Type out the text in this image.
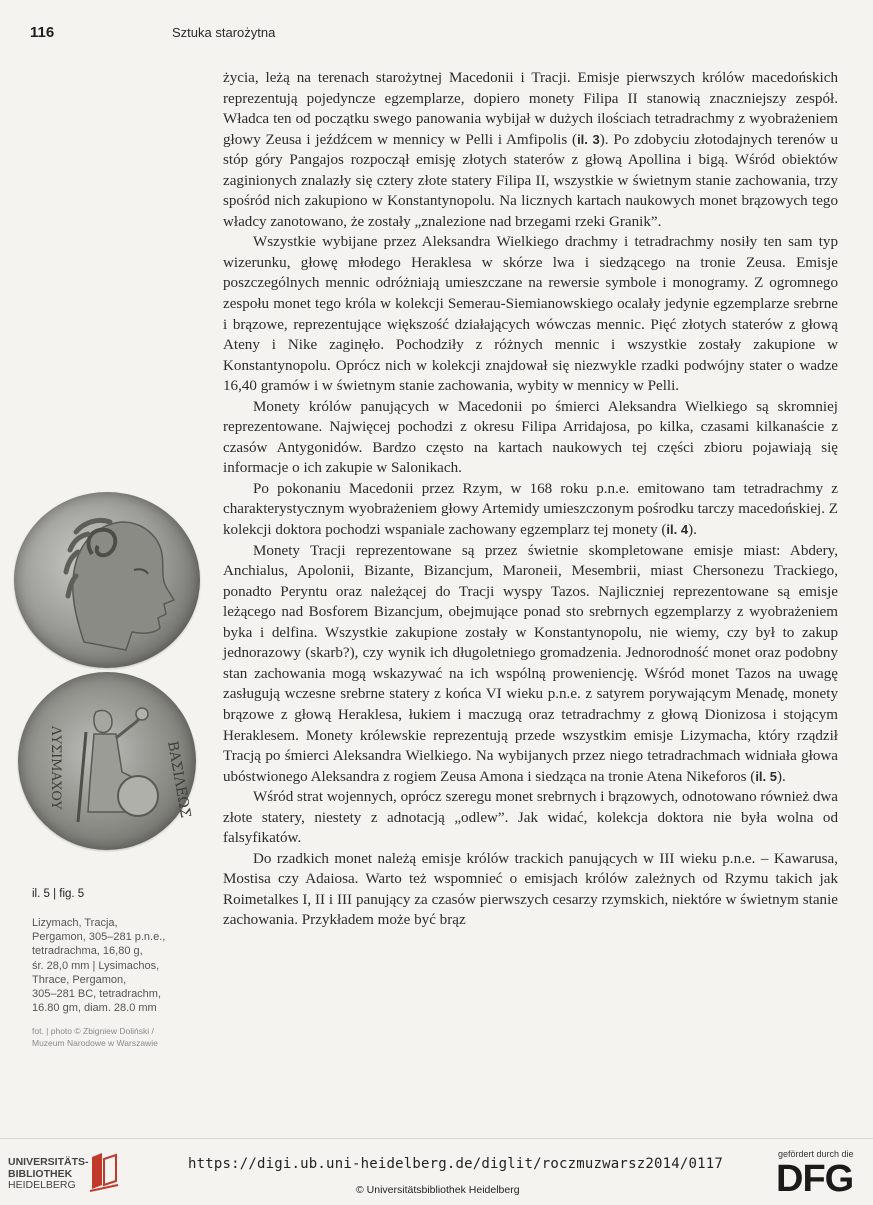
116	Sztuka starożytna

życia, leżą na terenach starożytnej Macedonii i Tracji. Emisje pierwszych królów macedońskich reprezentują pojedyncze egzemplarze, dopiero monety Filipa II stanowią znaczniejszy zespół. Władca ten od początku swego panowania wybijał w dużych ilościach tetradrachmy z wyobrażeniem głowy Zeusa i jeźdźcem w mennicy w Pelli i Amfipolis (il. 3). Po zdobyciu złotodajnych terenów u stóp góry Pangajos rozpoczął emisję złotych staterów z głową Apollina i bigą. Wśród obiektów zaginionych znalazły się cztery złote statery Filipa II, wszystkie w świetnym stanie zachowania, trzy spośród nich zakupiono w Konstantynopolu. Na licznych kartach naukowych monet brązowych tego władcy zanotowano, że zostały „znalezione nad brzegami rzeki Granik”.

Wszystkie wybijane przez Aleksandra Wielkiego drachmy i tetradrachmy nosiły ten sam typ wizerunku, głowę młodego Heraklesa w skórze lwa i siedzącego na tronie Zeusa. Emisje poszczególnych mennic odróżniają umieszczane na rewersie symbole i monogramy. Z ogromnego zespołu monet tego króla w kolekcji Semerau-Siemianowskiego ocalały jedynie egzemplarze srebrne i brązowe, reprezentujące większość działających wówczas mennic. Pięć złotych staterów z głową Ateny i Nike zaginęło. Pochodziły z różnych mennic i wszystkie zostały zakupione w Konstantynopolu. Oprócz nich w kolekcji znajdował się niezwykle rzadki podwójny stater o wadze 16,40 gramów i w świetnym stanie zachowania, wybity w mennicy w Pelli.

Monety królów panujących w Macedonii po śmierci Aleksandra Wielkiego są skromniej reprezentowane. Najwięcej pochodzi z okresu Filipa Arridajosa, po kilka, czasami kilkanaście z czasów Antygonidów. Bardzo często na kartach naukowych tej części zbioru pojawiają się informacje o ich zakupie w Salonikach.

Po pokonaniu Macedonii przez Rzym, w 168 roku p.n.e. emitowano tam tetradrachmy z charakterystycznym wyobrażeniem głowy Artemidy umieszczonym pośrodku tarczy macedońskiej. Z kolekcji doktora pochodzi wspaniale zachowany egzemplarz tej monety (il. 4).

Monety Tracji reprezentowane są przez świetnie skompletowane emisje miast: Abdery, Anchialus, Apolonii, Bizante, Bizancjum, Maroneii, Mesembrii, miast Chersonezu Trackiego, ponadto Peryntu oraz należącej do Tracji wyspy Tazos. Najliczniej reprezentowane są emisje leżącego nad Bosforem Bizancjum, obejmujące ponad sto srebrnych egzemplarzy z wyobrażeniem byka i delfina. Wszystkie zakupione zostały w Konstantynopolu, nie wiemy, czy był to zakup jednorazowy (skarb?), czy wynik ich długoletniego gromadzenia. Jednorodność monet oraz podobny stan zachowania mogą wskazywać na ich wspólną proweniencję. Wśród monet Tazos na uwagę zasługują wczesne srebrne statery z końca VI wieku p.n.e. z satyrem porywającym Menadę, monety brązowe z głową Heraklesa, łukiem i maczugą oraz tetradrachmy z głową Dionizosa i stojącym Heraklesem. Monety królewskie reprezentują przede wszystkim emisje Lizymacha, który rządził Tracją po śmierci Aleksandra Wielkiego. Na wybijanych przez niego tetradrachmach widniała głowa ubóstwionego Aleksandra z rogiem Zeusa Amona i siedząca na tronie Atena Nikeforos (il. 5).

Wśród strat wojennych, oprócz szeregu monet srebrnych i brązowych, odnotowano również dwa złote statery, niestety z adnotacją „odlew”. Jak widać, kolekcja doktora nie była wolna od falsyfikatów.

Do rzadkich monet należą emisje królów trackich panujących w III wieku p.n.e. – Kawarusa, Mostisa czy Adaiosa. Warto też wspomnieć o emisjach królów zależnych od Rzymu takich jak Roimetalkes I, II i III panujący za czasów pierwszych cesarzy rzymskich, niektóre w świetnym stanie zachowania. Przykładem może być brąz

ΒΑΣΙΛΕΩΣ
ΛΥΣΙΜΑΧΟΥ
il. 5 | fig. 5
Lizymach, Tracja,
Pergamon, 305–281 p.n.e.,
tetradrachma, 16,80 g,
śr. 28,0 mm | Lysimachos,
Thrace, Pergamon,
305–281 BC, tetradrachm,
16.80 gm, diam. 28.0 mm
fot. | photo © Zbigniew Doliński /
Muzeum Narodowe w Warszawie
UNIVERSITÄTS-
BIBLIOTHEK
HEIDELBERG
https://digi.ub.uni-heidelberg.de/diglit/roczmuzwarsz2014/0117
© Universitätsbibliothek Heidelberg
gefördert durch die
DFG
